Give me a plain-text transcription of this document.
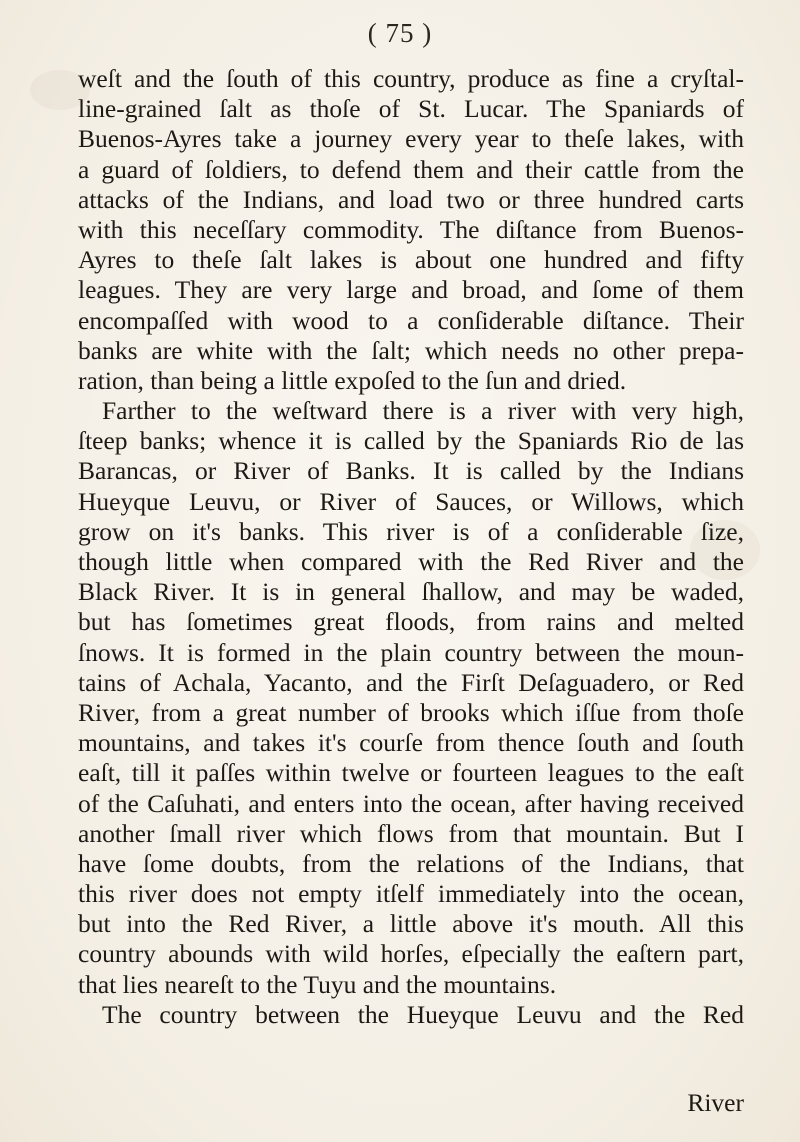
( 75 )
weſt and the ſouth of this country, produce as fine a cryſtal-
line-grained ſalt as thoſe of St. Lucar. The Spaniards of
Buenos-Ayres take a journey every year to theſe lakes, with
a guard of ſoldiers, to defend them and their cattle from the
attacks of the Indians, and load two or three hundred carts
with this neceſſary commodity. The diſtance from Buenos-
Ayres to theſe ſalt lakes is about one hundred and fifty
leagues. They are very large and broad, and ſome of them
encompaſſed with wood to a conſiderable diſtance. Their
banks are white with the ſalt; which needs no other prepa-
ration, than being a little expoſed to the ſun and dried.
Farther to the weſtward there is a river with very high,
ſteep banks; whence it is called by the Spaniards Rio de las
Barancas, or River of Banks. It is called by the Indians
Hueyque Leuvu, or River of Sauces, or Willows, which
grow on it's banks. This river is of a conſiderable ſize,
though little when compared with the Red River and the
Black River. It is in general ſhallow, and may be waded,
but has ſometimes great floods, from rains and melted
ſnows. It is formed in the plain country between the moun-
tains of Achala, Yacanto, and the Firſt Deſaguadero, or Red
River, from a great number of brooks which iſſue from thoſe
mountains, and takes it's courſe from thence ſouth and ſouth
eaſt, till it paſſes within twelve or fourteen leagues to the eaſt
of the Caſuhati, and enters into the ocean, after having received
another ſmall river which flows from that mountain. But I
have ſome doubts, from the relations of the Indians, that
this river does not empty itſelf immediately into the ocean,
but into the Red River, a little above it's mouth. All this
country abounds with wild horſes, eſpecially the eaſtern part,
that lies neareſt to the Tuyu and the mountains.
The country between the Hueyque Leuvu and the Red
River
